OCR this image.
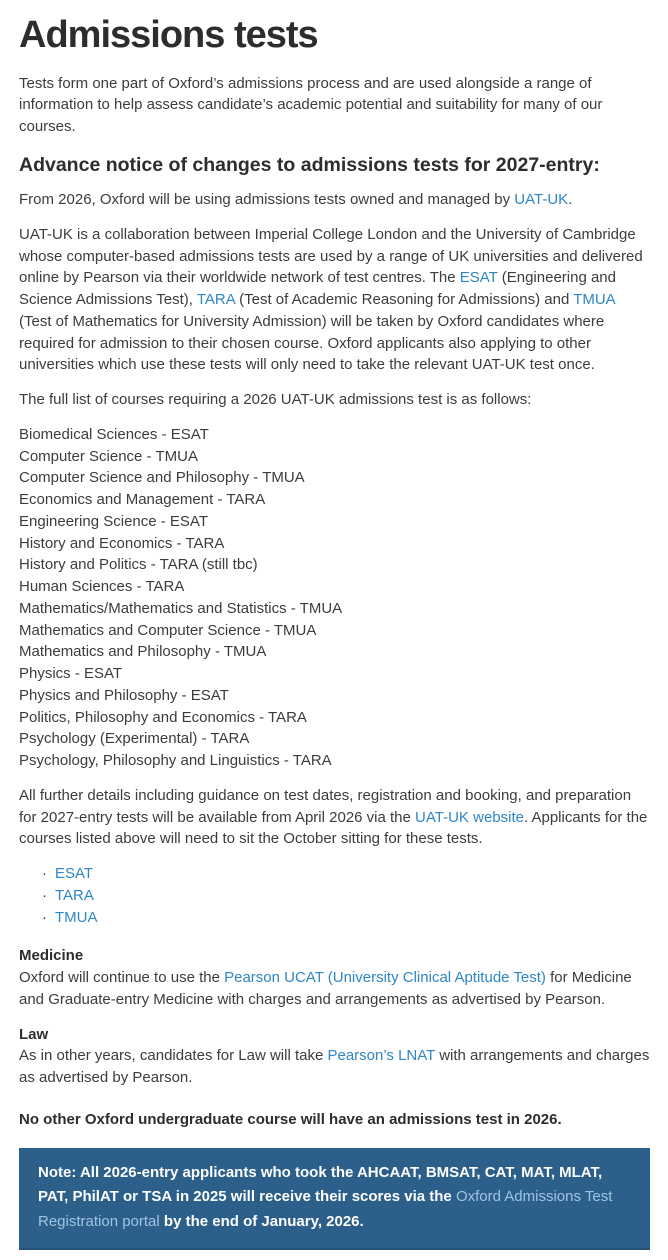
Admissions tests

Tests form one part of Oxford’s admissions process and are used alongside a range of information to help assess candidate’s academic potential and suitability for many of our courses.

Advance notice of changes to admissions tests for 2027-entry:

From 2026, Oxford will be using admissions tests owned and managed by UAT-UK.

UAT-UK is a collaboration between Imperial College London and the University of Cambridge whose computer-based admissions tests are used by a range of UK universities and delivered online by Pearson via their worldwide network of test centres. The ESAT (Engineering and Science Admissions Test), TARA (Test of Academic Reasoning for Admissions) and TMUA (Test of Mathematics for University Admission) will be taken by Oxford candidates where required for admission to their chosen course. Oxford applicants also applying to other universities which use these tests will only need to take the relevant UAT-UK test once.

The full list of courses requiring a 2026 UAT-UK admissions test is as follows:

Biomedical Sciences - ESAT
Computer Science - TMUA
Computer Science and Philosophy - TMUA
Economics and Management - TARA
Engineering Science - ESAT
History and Economics - TARA
History and Politics - TARA (still tbc)
Human Sciences - TARA
Mathematics/Mathematics and Statistics - TMUA
Mathematics and Computer Science - TMUA
Mathematics and Philosophy - TMUA
Physics - ESAT
Physics and Philosophy - ESAT
Politics, Philosophy and Economics - TARA
Psychology (Experimental) - TARA
Psychology, Philosophy and Linguistics - TARA

All further details including guidance on test dates, registration and booking, and preparation for 2027-entry tests will be available from April 2026 via the UAT-UK website. Applicants for the courses listed above will need to sit the October sitting for these tests.

· ESAT
· TARA
· TMUA
Medicine

Oxford will continue to use the Pearson UCAT (University Clinical Aptitude Test) for Medicine and Graduate-entry Medicine with charges and arrangements as advertised by Pearson.

Law

As in other years, candidates for Law will take Pearson’s LNAT with arrangements and charges as advertised by Pearson.

No other Oxford undergraduate course will have an admissions test in 2026.

Note: All 2026-entry applicants who took the AHCAAT, BMSAT, CAT, MAT, MLAT, PAT, PhilAT or TSA in 2025 will receive their scores via the Oxford Admissions Test Registration portal by the end of January, 2026.
